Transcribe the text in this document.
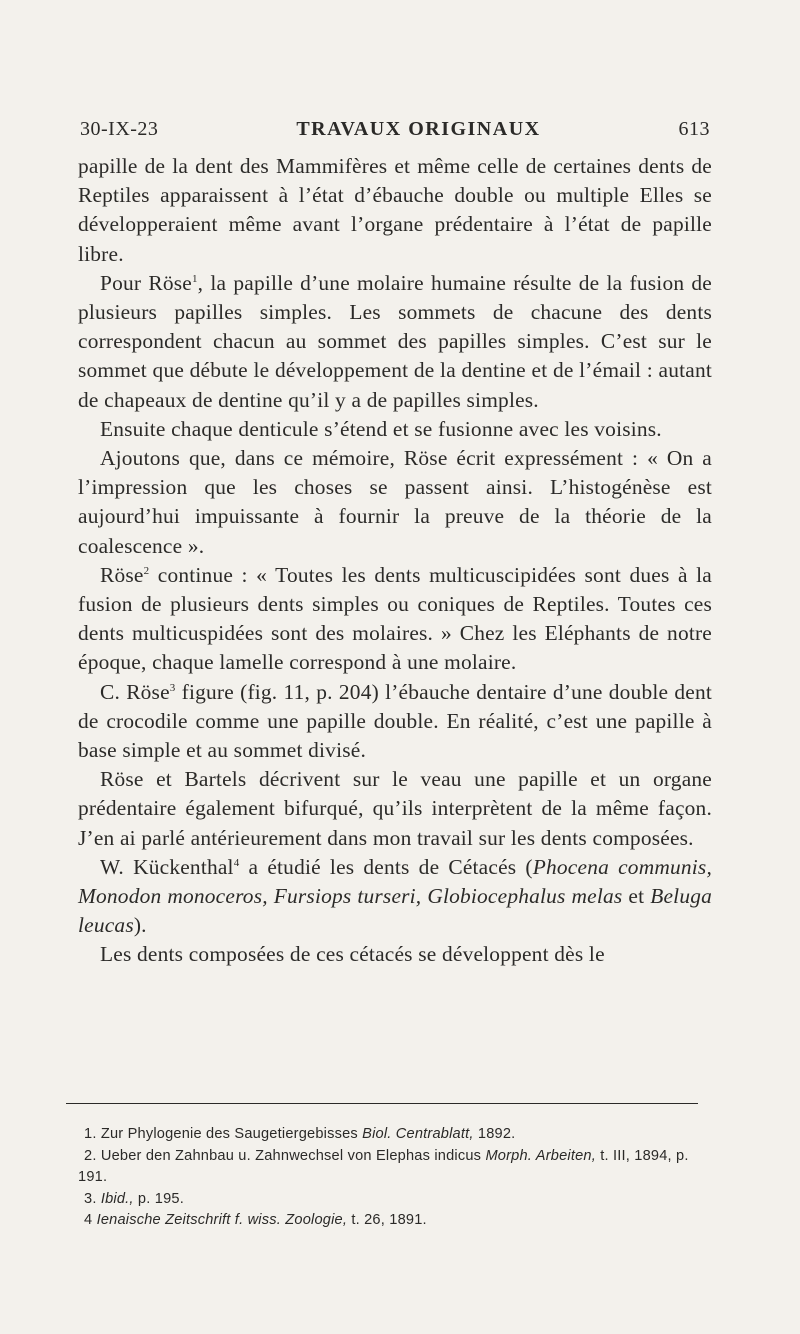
30-IX-23	TRAVAUX ORIGINAUX	613

papille de la dent des Mammifères et même celle de certaines dents de Reptiles apparaissent à l’état d’ébauche double ou multiple Elles se développeraient même avant l’organe prédentaire à l’état de papille libre.

Pour Röse$^1$, la papille d’une molaire humaine résulte de la fusion de plusieurs papilles simples. Les sommets de chacune des dents correspondent chacun au sommet des papilles simples. C’est sur le sommet que débute le développement de la dentine et de l’émail : autant de chapeaux de dentine qu’il y a de papilles simples.

Ensuite chaque denticule s’étend et se fusionne avec les voisins.

Ajoutons que, dans ce mémoire, Röse écrit expressément : « On a l’impression que les choses se passent ainsi. L’histogénèse est aujourd’hui impuissante à fournir la preuve de la théorie de la coalescence ».

Röse$^2$ continue : « Toutes les dents multicuscipidées sont dues à la fusion de plusieurs dents simples ou coniques de Reptiles. Toutes ces dents multicuspidées sont des molaires. » Chez les Eléphants de notre époque, chaque lamelle correspond à une molaire.

C. Röse$^3$ figure (fig. 11, p. 204) l’ébauche dentaire d’une double dent de crocodile comme une papille double. En réalité, c’est une papille à base simple et au sommet divisé.

Röse et Bartels décrivent sur le veau une papille et un organe prédentaire également bifurqué, qu’ils interprètent de la même façon. J’en ai parlé antérieurement dans mon travail sur les dents composées.

W. Kückenthal$^4$ a étudié les dents de Cétacés (Phocena communis, Monodon monoceros, Fursiops turseri, Globiocephalus melas et Beluga leucas).

Les dents composées de ces cétacés se développent dès le

1. Zur Phylogenie des Saugetiergebisses Biol. Centrablatt, 1892.

2. Ueber den Zahnbau u. Zahnwechsel von Elephas indicus Morph. Arbeiten, t. III, 1894, p. 191.

3. Ibid., p. 195.

4 Ienaische Zeitschrift f. wiss. Zoologie, t. 26, 1891.
